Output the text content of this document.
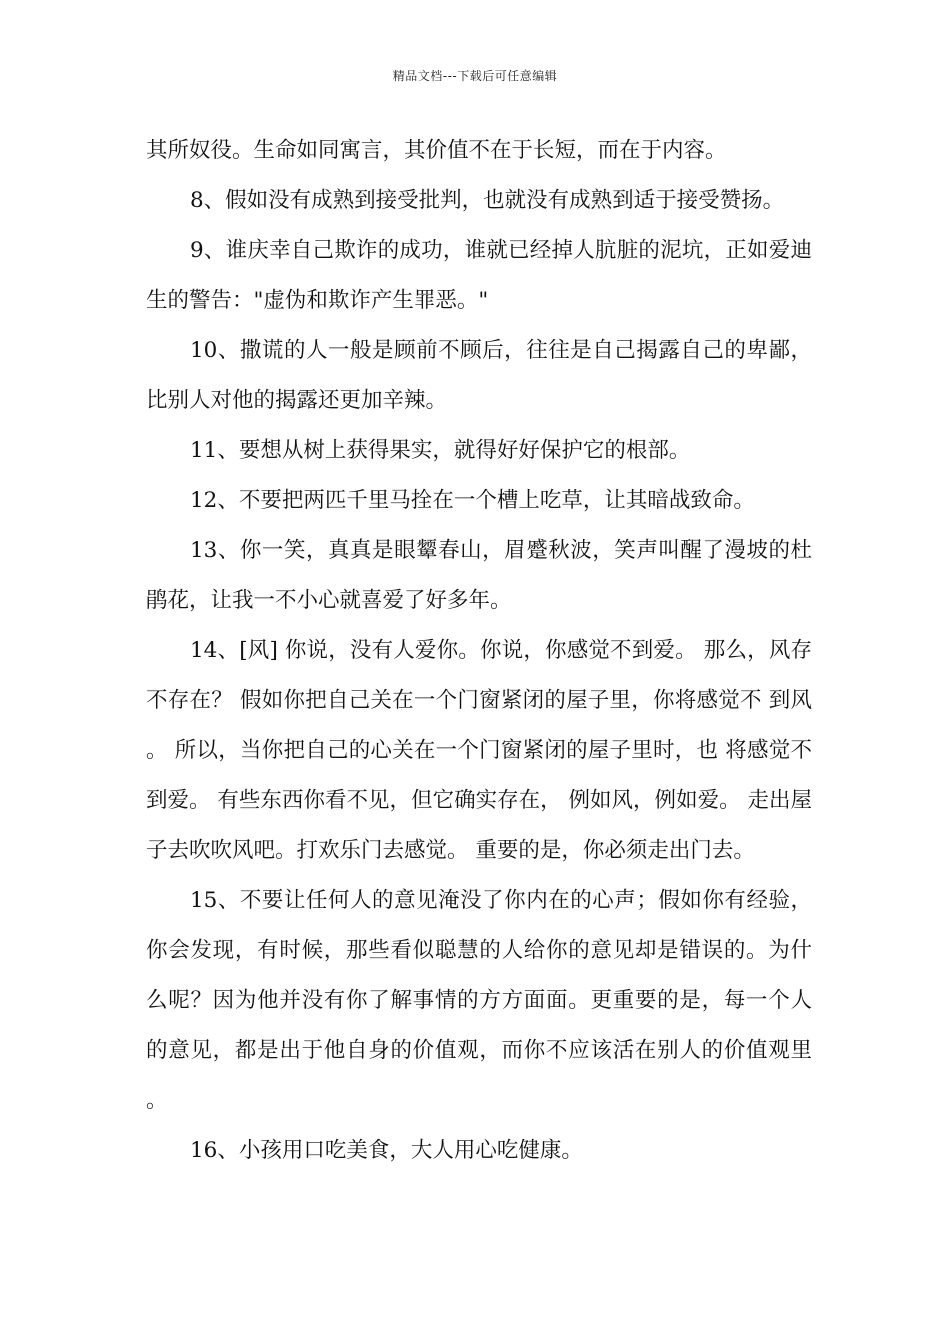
精品文档---下载后可任意编辑

其所奴役。生命如同寓言，其价值不在于长短，而在于内容。

8、假如没有成熟到接受批判，也就没有成熟到适于接受赞扬。

9、谁庆幸自己欺诈的成功，谁就已经掉人肮脏的泥坑，正如爱迪生的警告："虚伪和欺诈产生罪恶。"

10、撒谎的人一般是顾前不顾后，往往是自己揭露自己的卑鄙，比别人对他的揭露还更加辛辣。

11、要想从树上获得果实，就得好好保护它的根部。

12、不要把两匹千里马拴在一个槽上吃草，让其暗战致命。

13、你一笑，真真是眼颦春山，眉蹙秋波，笑声叫醒了漫坡的杜鹃花，让我一不小心就喜爱了好多年。

14、[风] 你说，没有人爱你。你说，你感觉不到爱。 那么，风存不存在？ 假如你把自己关在一个门窗紧闭的屋子里，你将感觉不 到风。 所以，当你把自己的心关在一个门窗紧闭的屋子里时，也 将感觉不到爱。 有些东西你看不见，但它确实存在， 例如风，例如爱。 走出屋子去吹吹风吧。打欢乐门去感觉。 重要的是，你必须走出门去。

15、不要让任何人的意见淹没了你内在的心声；假如你有经验，你会发现，有时候，那些看似聪慧的人给你的意见却是错误的。为什么呢？因为他并没有你了解事情的方方面面。更重要的是，每一个人的意见，都是出于他自身的价值观，而你不应该活在别人的价值观里。

16、小孩用口吃美食，大人用心吃健康。
